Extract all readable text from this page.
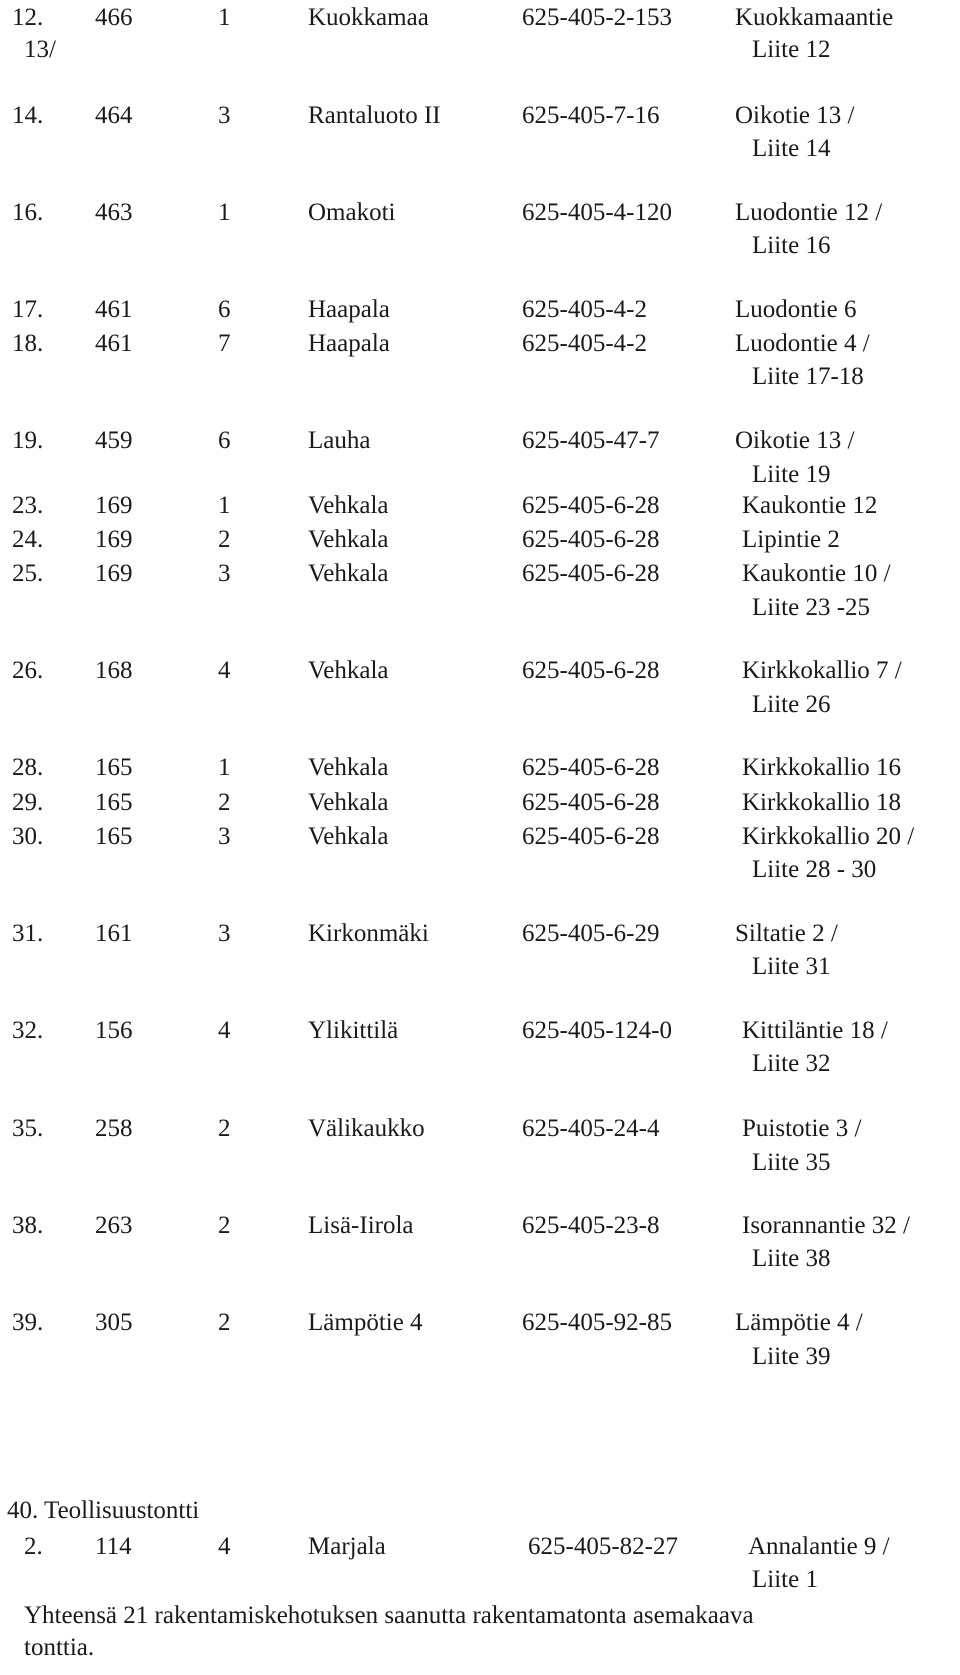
12. 466	1	Kuokkamaa	625-405-2-153	Kuokkamaantie
13/	Liite 12
14. 464	3	Rantaluoto II	625-405-7-16	Oikotie 13 /
Liite 14
16. 463	1	Omakoti	625-405-4-120	Luodontie 12 /
Liite 16
17. 461	6	Haapala	625-405-4-2	Luodontie 6
18. 461	7	Haapala	625-405-4-2	Luodontie 4 /
Liite 17-18
19. 459	6	Lauha	625-405-47-7	Oikotie 13 /
Liite 19
23. 169	1	Vehkala	625-405-6-28	Kaukontie 12
24. 169	2	Vehkala	625-405-6-28	Lipintie 2
25. 169	3	Vehkala	625-405-6-28	Kaukontie 10 /
Liite 23 -25
26. 168	4	Vehkala	625-405-6-28	Kirkkokallio 7 /
Liite 26
28. 165	1	Vehkala	625-405-6-28	Kirkkokallio 16
29. 165	2	Vehkala	625-405-6-28	Kirkkokallio 18
30. 165	3	Vehkala	625-405-6-28	Kirkkokallio 20 /
Liite 28 - 30
31. 161	3	Kirkonmäki	625-405-6-29	Siltatie 2 /
Liite 31
32. 156	4	Ylikittilä	625-405-124-0	Kittiläntie 18 /
Liite 32
35. 258	2	Välikaukko	625-405-24-4	Puistotie 3 /
Liite 35
38. 263	2	Lisä-Iirola	625-405-23-8	Isorannantie 32 /
Liite 38
39. 305	2	Lämpötie 4	625-405-92-85	Lämpötie 4 /
Liite 39
40. Teollisuustontti
2. 114	4	Marjala	625-405-82-27	Annalantie 9 /
Liite 1
Yhteensä 21 rakentamiskehotuksen saanutta rakentamatonta asemakaava
tonttia.
